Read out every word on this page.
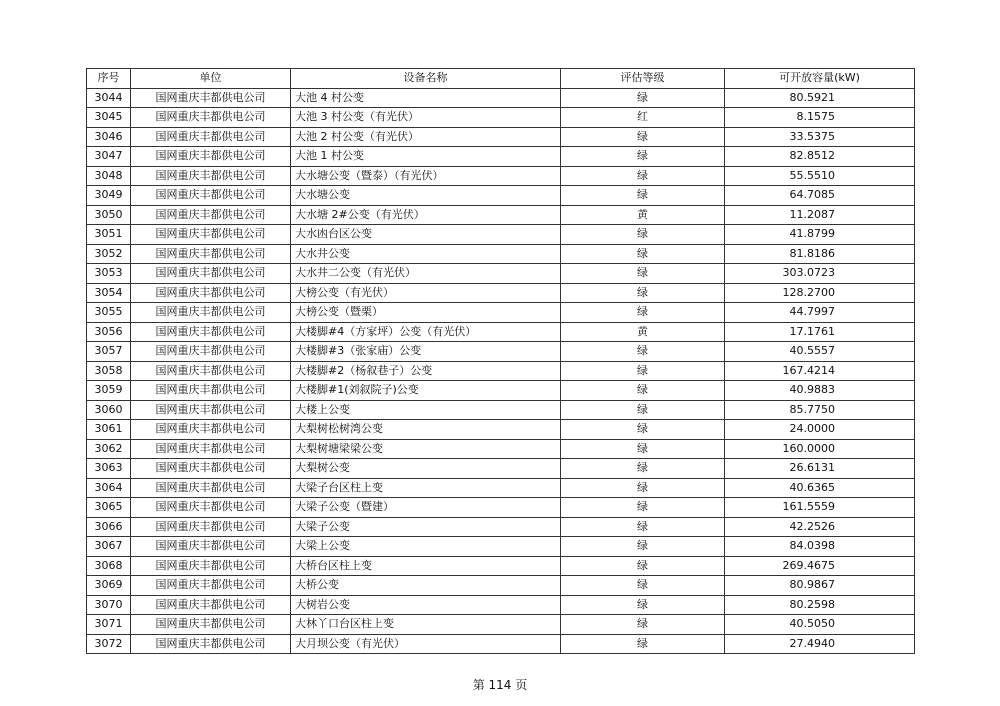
序号	单位	设备名称	评估等级	可开放容量(kW)
3044	国网重庆丰都供电公司	大池 4 村公变	绿	80.5921
3045	国网重庆丰都供电公司	大池 3 村公变（有光伏）	红	8.1575
3046	国网重庆丰都供电公司	大池 2 村公变（有光伏）	绿	33.5375
3047	国网重庆丰都供电公司	大池 1 村公变	绿	82.8512
3048	国网重庆丰都供电公司	大水塘公变（暨泰）（有光伏）	绿	55.5510
3049	国网重庆丰都供电公司	大水塘公变	绿	64.7085
3050	国网重庆丰都供电公司	大水塘 2#公变（有光伏）	黄	11.2087
3051	国网重庆丰都供电公司	大水凼台区公变	绿	41.8799
3052	国网重庆丰都供电公司	大水井公变	绿	81.8186
3053	国网重庆丰都供电公司	大水井二公变（有光伏）	绿	303.0723
3054	国网重庆丰都供电公司	大榜公变（有光伏）	绿	128.2700
3055	国网重庆丰都供电公司	大榜公变（暨栗）	绿	44.7997
3056	国网重庆丰都供电公司	大楼脚#4（方家坪）公变（有光伏）	黄	17.1761
3057	国网重庆丰都供电公司	大楼脚#3（张家庙）公变	绿	40.5557
3058	国网重庆丰都供电公司	大楼脚#2（杨叙巷子）公变	绿	167.4214
3059	国网重庆丰都供电公司	大楼脚#1(刘叙院子)公变	绿	40.9883
3060	国网重庆丰都供电公司	大楼上公变	绿	85.7750
3061	国网重庆丰都供电公司	大梨树松树湾公变	绿	24.0000
3062	国网重庆丰都供电公司	大梨树塘梁梁公变	绿	160.0000
3063	国网重庆丰都供电公司	大梨树公变	绿	26.6131
3064	国网重庆丰都供电公司	大梁子台区柱上变	绿	40.6365
3065	国网重庆丰都供电公司	大梁子公变（暨建）	绿	161.5559
3066	国网重庆丰都供电公司	大梁子公变	绿	42.2526
3067	国网重庆丰都供电公司	大梁上公变	绿	84.0398
3068	国网重庆丰都供电公司	大桥台区柱上变	绿	269.4675
3069	国网重庆丰都供电公司	大桥公变	绿	80.9867
3070	国网重庆丰都供电公司	大树岩公变	绿	80.2598
3071	国网重庆丰都供电公司	大林丫口台区柱上变	绿	40.5050
3072	国网重庆丰都供电公司	大月坝公变（有光伏）	绿	27.4940
第 114 页
